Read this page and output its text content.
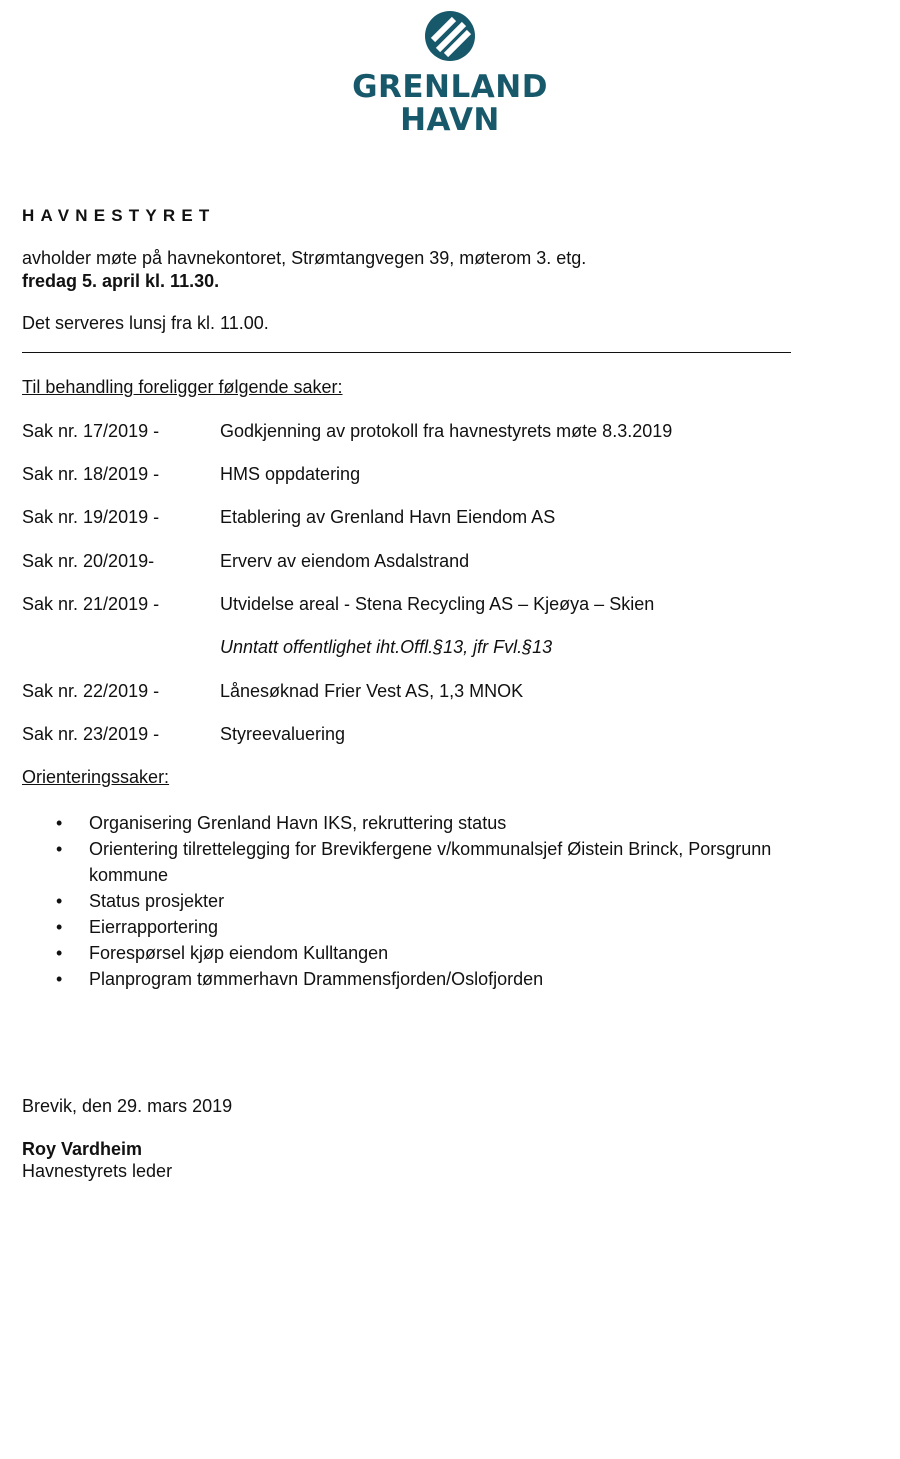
GRENLAND
HAVN
HAVNESTYRET
avholder møte på havnekontoret, Strømtangvegen 39, møterom 3. etg.
fredag 5. april kl. 11.30.
Det serveres lunsj fra kl. 11.00.
Til behandling foreligger følgende saker:
Sak nr. 17/2019 -	Godkjenning av protokoll fra havnestyrets møte 8.3.2019
Sak nr. 18/2019 -	HMS oppdatering
Sak nr. 19/2019 -	Etablering av Grenland Havn Eiendom AS
Sak nr. 20/2019-	Erverv av eiendom Asdalstrand
Sak nr. 21/2019 -	Utvidelse areal - Stena Recycling AS – Kjeøya – Skien
Unntatt offentlighet iht.Offl.§13, jfr Fvl.§13
Sak nr. 22/2019 -	Lånesøknad Frier Vest AS, 1,3 MNOK
Sak nr. 23/2019 -	Styreevaluering
Orienteringssaker:
• Organisering Grenland Havn IKS, rekruttering status
• Orientering tilrettelegging for Brevikfergene v/kommunalsjef Øistein Brinck, Porsgrunn kommune
• Status prosjekter
• Eierrapportering
• Forespørsel kjøp eiendom Kulltangen
• Planprogram tømmerhavn Drammensfjorden/Oslofjorden
Brevik, den 29. mars 2019
Roy Vardheim
Havnestyrets leder
